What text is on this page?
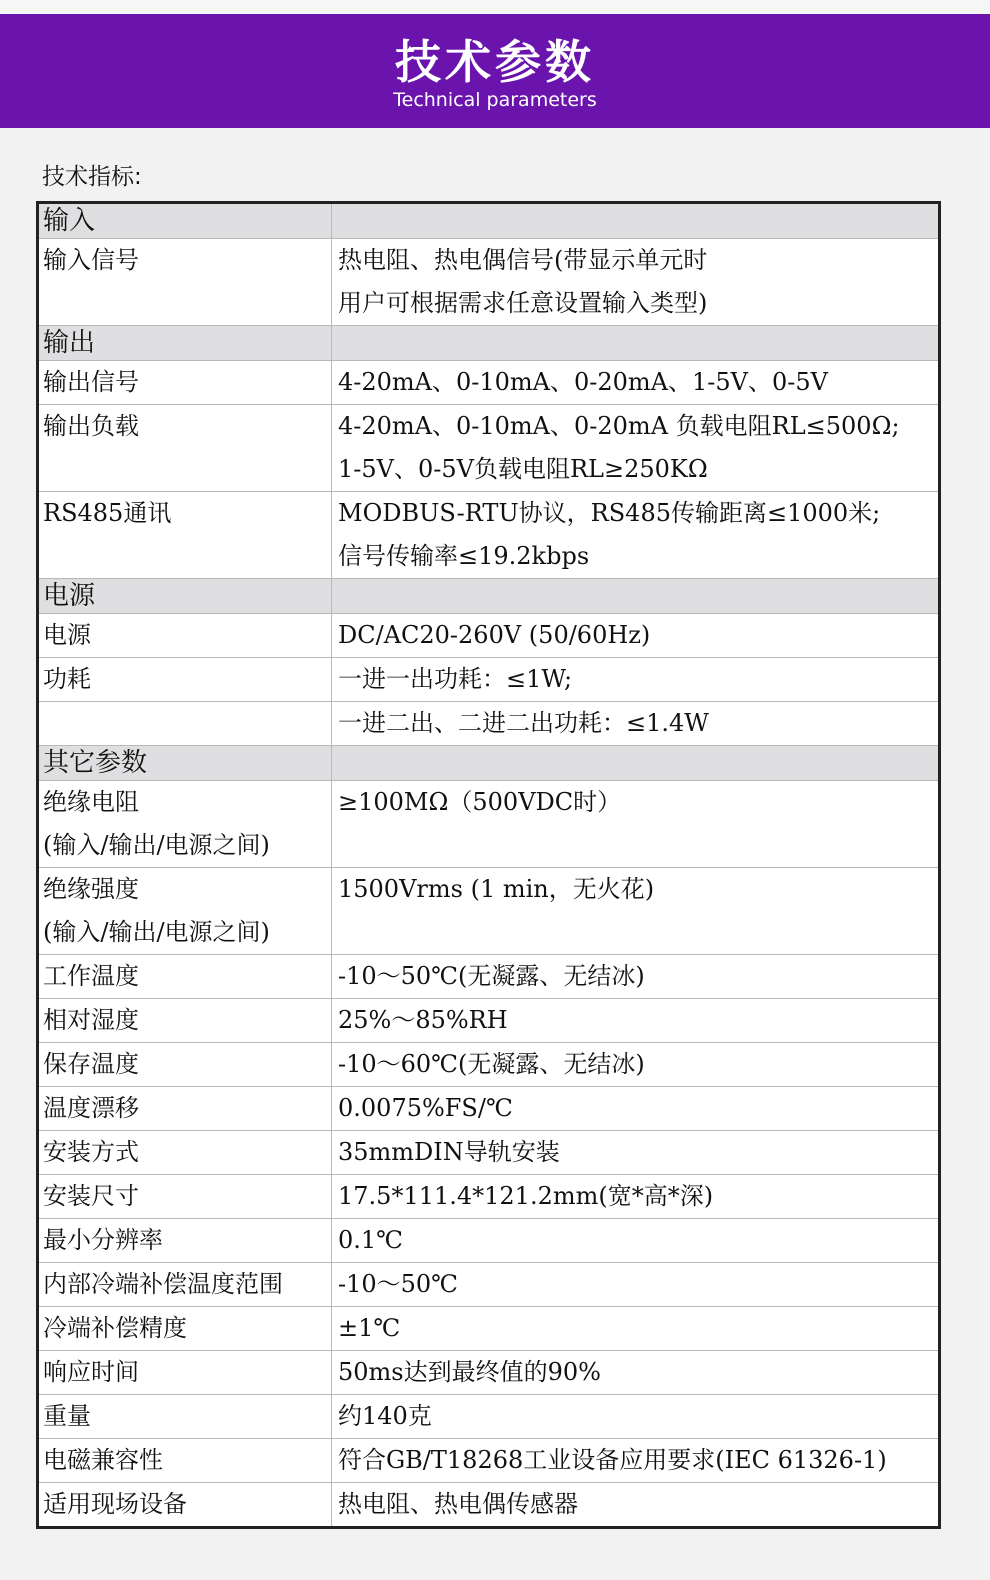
技术参数
Technical parameters
技术指标:
输入	
输入信号	热电阻、热电偶信号(带显示单元时
用户可根据需求任意设置输入类型)

输出	
输出信号	4-20mA、0-10mA、0-20mA、1-5V、0-5V

输出负载	4-20mA、0-10mA、0-20mA 负载电阻RL≤500Ω;
1-5V、0-5V负载电阻RL≥250KΩ

RS485通讯	MODBUS-RTU协议，RS485传输距离≤1000米;
信号传输率≤19.2kbps

电源	
电源	DC/AC20-260V (50/60Hz)

功耗	一进一出功耗：≤1W;

	一进二出、二进二出功耗：≤1.4W

其它参数	

绝缘电阻
(输入/输出/电源之间)	≥100MΩ（500VDC时）

绝缘强度
(输入/输出/电源之间)	1500Vrms (1 min，无火花)

工作温度	-10～50℃(无凝露、无结冰)

相对湿度	25%～85%RH

保存温度	-10～60℃(无凝露、无结冰)

温度漂移	0.0075%FS/℃

安装方式	35mmDIN导轨安装

安装尺寸	17.5*111.4*121.2mm(宽*高*深)

最小分辨率	0.1℃

内部冷端补偿温度范围	-10～50℃

冷端补偿精度	±1℃

响应时间	50ms达到最终值的90%

重量	约140克

电磁兼容性	符合GB/T18268工业设备应用要求(IEC 61326-1)

适用现场设备	热电阻、热电偶传感器
